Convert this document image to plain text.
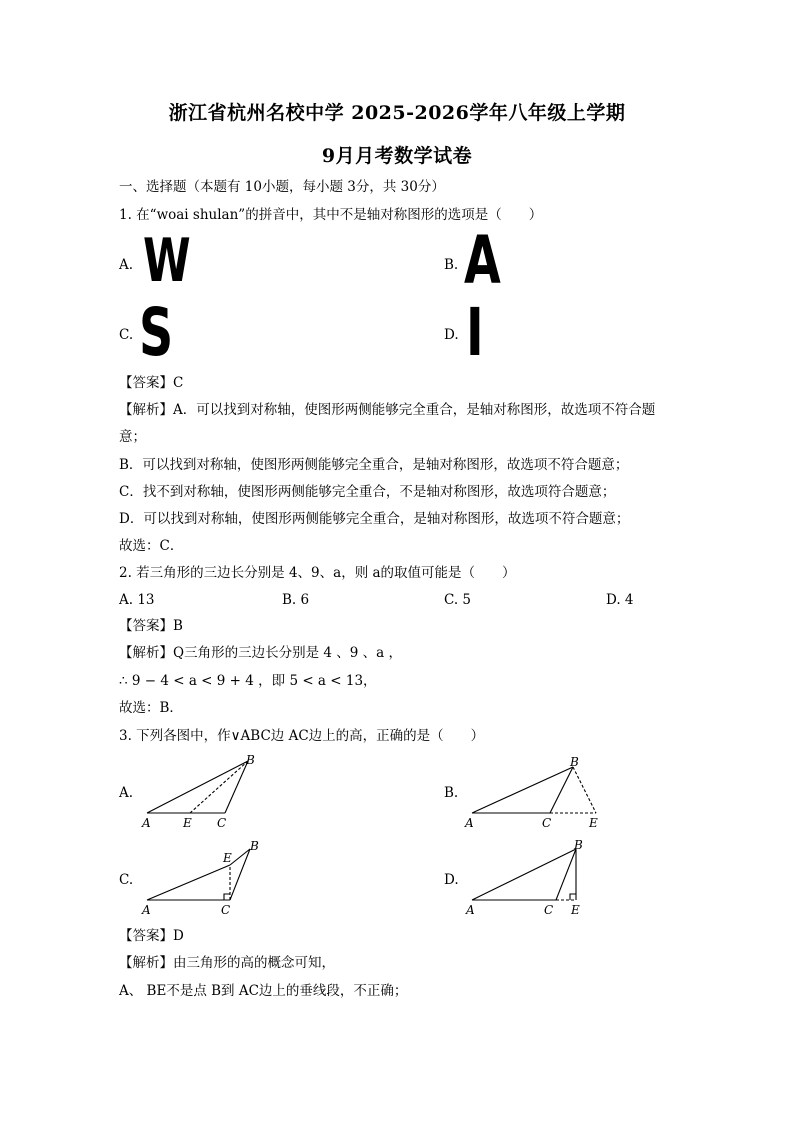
浙江省杭州名校中学 2025-2026学年八年级上学期
9月月考数学试卷
一、选择题（本题有 10小题，每小题 3分，共 30分）
1. 在“woai shulan”的拼音中，其中不是轴对称图形的选项是（　　）
A. W	B. A
C. S	D. I
【答案】C
【解析】A．可以找到对称轴，使图形两侧能够完全重合，是轴对称图形，故选项不符合题
意；
B．可以找到对称轴，使图形两侧能够完全重合，是轴对称图形，故选项不符合题意；
C．找不到对称轴，使图形两侧能够完全重合，不是轴对称图形，故选项符合题意；
D．可以找到对称轴，使图形两侧能够完全重合，是轴对称图形，故选项不符合题意；
故选：C．
2. 若三角形的三边长分别是 4、9、a，则 a的取值可能是（　　）
A. 13	B. 6	C. 5	D. 4
【答案】B
【解析】Q三角形的三边长分别是 4 、9 、a ，
∴ 9 − 4 < a < 9 + 4 ，即 5 < a < 13，
故选：B．
3. 下列各图中，作∨ABC边 AC边上的高，正确的是（　　）
A.	B.
C.	D.
A	E C
B
A	C	E
B
A	C
E
B
A	C E
B
【答案】D
【解析】由三角形的高的概念可知，
A、 BE不是点 B到 AC边上的垂线段，不正确；
